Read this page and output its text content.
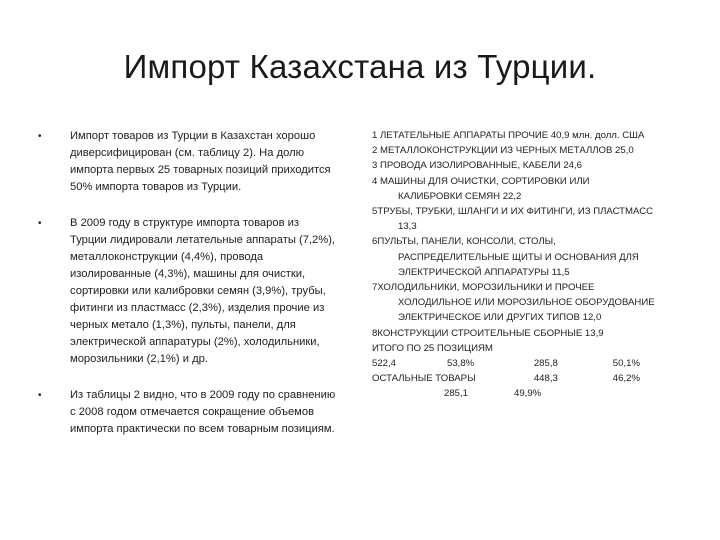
Импорт Казахстана из Турции.
•	Импорт товаров из Турции в Казахстан хорошо диверсифицирован (см. таблицу 2). На долю импорта первых 25 товарных позиций приходится 50% импорта товаров из Турции.
•	В 2009 году в структуре импорта товаров из Турции лидировали летательные аппараты (7,2%), металлоконструкции (4,4%), провода изолированные (4,3%), машины для очистки, сортировки или калибровки семян (3,9%), трубы, фитинги из пластмасс (2,3%), изделия прочие из черных метало (1,3%), пульты, панели, для электрической аппаратуры (2%), холодильники, морозильники (2,1%) и др.
•	Из таблицы 2 видно, что в 2009 году по сравнению с 2008 годом отмечается сокращение объемов импорта практически по всем товарным позициям.
1 ЛЕТАТЕЛЬНЫЕ АППАРАТЫ ПРОЧИЕ 40,9 млн. долл. США
2 МЕТАЛЛОКОНСТРУКЦИИ ИЗ ЧЕРНЫХ МЕТАЛЛОВ 25,0
3 ПРОВОДА ИЗОЛИРОВАННЫЕ, КАБЕЛИ 24,6
4 МАШИНЫ ДЛЯ ОЧИСТКИ, СОРТИРОВКИ ИЛИ
КАЛИБРОВКИ СЕМЯН 22,2
5ТРУБЫ, ТРУБКИ, ШЛАНГИ И ИХ ФИТИНГИ, ИЗ ПЛАСТМАСС
13,3
6ПУЛЬТЫ, ПАНЕЛИ, КОНСОЛИ, СТОЛЫ,
РАСПРЕДЕЛИТЕЛЬНЫЕ ЩИТЫ И ОСНОВАНИЯ ДЛЯ ЭЛЕКТРИЧЕСКОЙ АППАРАТУРЫ 11,5
7ХОЛОДИЛЬНИКИ, МОРОЗИЛЬНИКИ И ПРОЧЕЕ
ХОЛОДИЛЬНОЕ ИЛИ МОРОЗИЛЬНОЕ ОБОРУДОВАНИЕ ЭЛЕКТРИЧЕСКОЕ ИЛИ ДРУГИХ ТИПОВ 12,0
8КОНСТРУКЦИИ СТРОИТЕЛЬНЫЕ СБОРНЫЕ 13,9
ИТОГО ПО 25 ПОЗИЦИЯМ
522,4	53,8%	285,8	50,1%
ОСТАЛЬНЫЕ ТОВАРЫ	448,3	46,2%
285,1	49,9%
